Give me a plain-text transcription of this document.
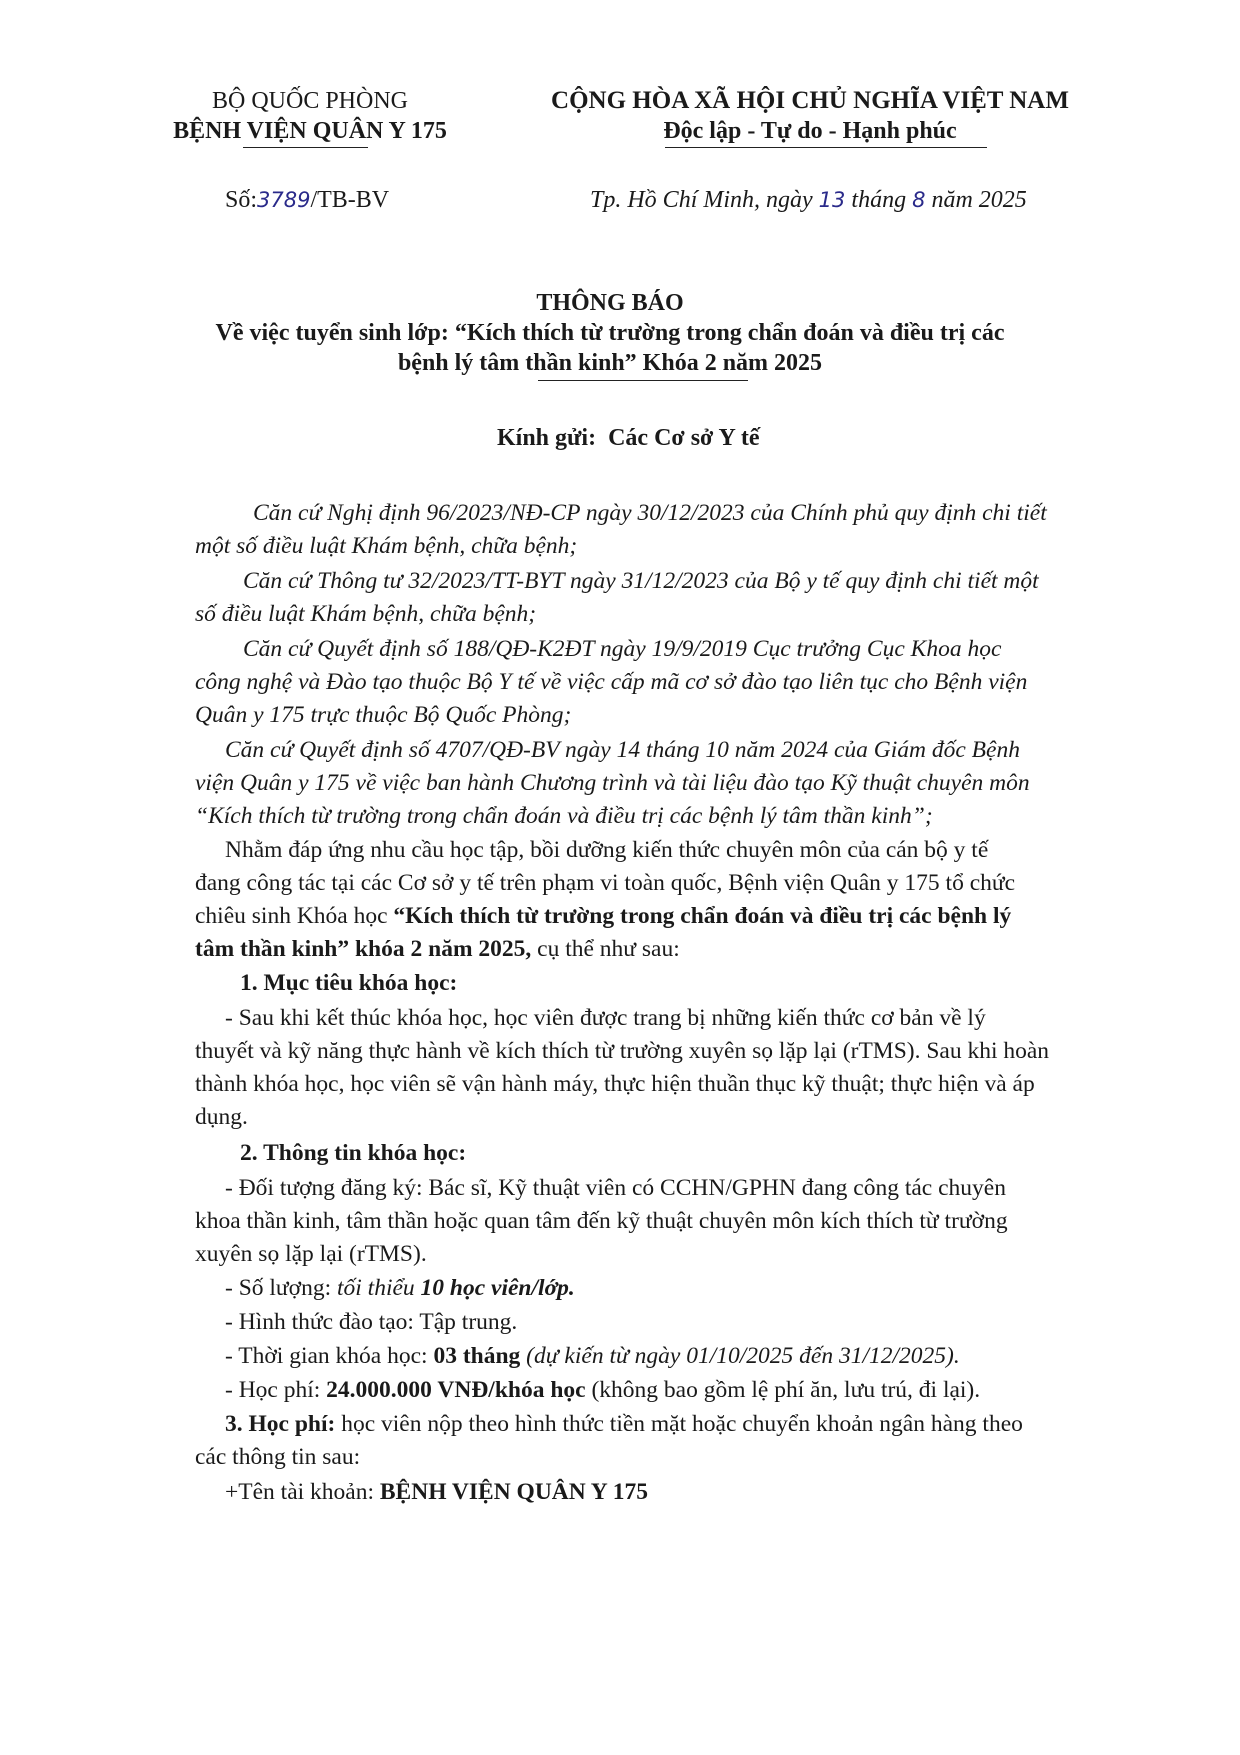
BỘ QUỐC PHÒNG
BỆNH VIỆN QUÂN Y 175
CỘNG HÒA XÃ HỘI CHỦ NGHĨA VIỆT NAM
Độc lập - Tự do - Hạnh phúc
Số:3789/TB-BV	Tp. Hồ Chí Minh, ngày 13 tháng 8 năm 2025
THÔNG BÁO
Về việc tuyển sinh lớp: “Kích thích từ trường trong chẩn đoán và điều trị các
bệnh lý tâm thần kinh” Khóa 2 năm 2025
Kính gửi: Các Cơ sở Y tế
Căn cứ Nghị định 96/2023/NĐ-CP ngày 30/12/2023 của Chính phủ quy định chi tiết
một số điều luật Khám bệnh, chữa bệnh;
Căn cứ Thông tư 32/2023/TT-BYT ngày 31/12/2023 của Bộ y tế quy định chi tiết một
số điều luật Khám bệnh, chữa bệnh;
Căn cứ Quyết định số 188/QĐ-K2ĐT ngày 19/9/2019 Cục trưởng Cục Khoa học
công nghệ và Đào tạo thuộc Bộ Y tế về việc cấp mã cơ sở đào tạo liên tục cho Bệnh viện
Quân y 175 trực thuộc Bộ Quốc Phòng;
Căn cứ Quyết định số 4707/QĐ-BV ngày 14 tháng 10 năm 2024 của Giám đốc Bệnh
viện Quân y 175 về việc ban hành Chương trình và tài liệu đào tạo Kỹ thuật chuyên môn
“Kích thích từ trường trong chẩn đoán và điều trị các bệnh lý tâm thần kinh”;
Nhằm đáp ứng nhu cầu học tập, bồi dưỡng kiến thức chuyên môn của cán bộ y tế
đang công tác tại các Cơ sở y tế trên phạm vi toàn quốc, Bệnh viện Quân y 175 tổ chức
chiêu sinh Khóa học “Kích thích từ trường trong chẩn đoán và điều trị các bệnh lý
tâm thần kinh” khóa 2 năm 2025, cụ thể như sau:
1. Mục tiêu khóa học:
- Sau khi kết thúc khóa học, học viên được trang bị những kiến thức cơ bản về lý
thuyết và kỹ năng thực hành về kích thích từ trường xuyên sọ lặp lại (rTMS). Sau khi hoàn
thành khóa học, học viên sẽ vận hành máy, thực hiện thuần thục kỹ thuật; thực hiện và áp
dụng.
2. Thông tin khóa học:
- Đối tượng đăng ký: Bác sĩ, Kỹ thuật viên có CCHN/GPHN đang công tác chuyên
khoa thần kinh, tâm thần hoặc quan tâm đến kỹ thuật chuyên môn kích thích từ trường
xuyên sọ lặp lại (rTMS).
- Số lượng: tối thiểu 10 học viên/lớp.
- Hình thức đào tạo: Tập trung.
- Thời gian khóa học: 03 tháng (dự kiến từ ngày 01/10/2025 đến 31/12/2025).
- Học phí: 24.000.000 VNĐ/khóa học (không bao gồm lệ phí ăn, lưu trú, đi lại).
3. Học phí: học viên nộp theo hình thức tiền mặt hoặc chuyển khoản ngân hàng theo
các thông tin sau:
+Tên tài khoản: BỆNH VIỆN QUÂN Y 175
